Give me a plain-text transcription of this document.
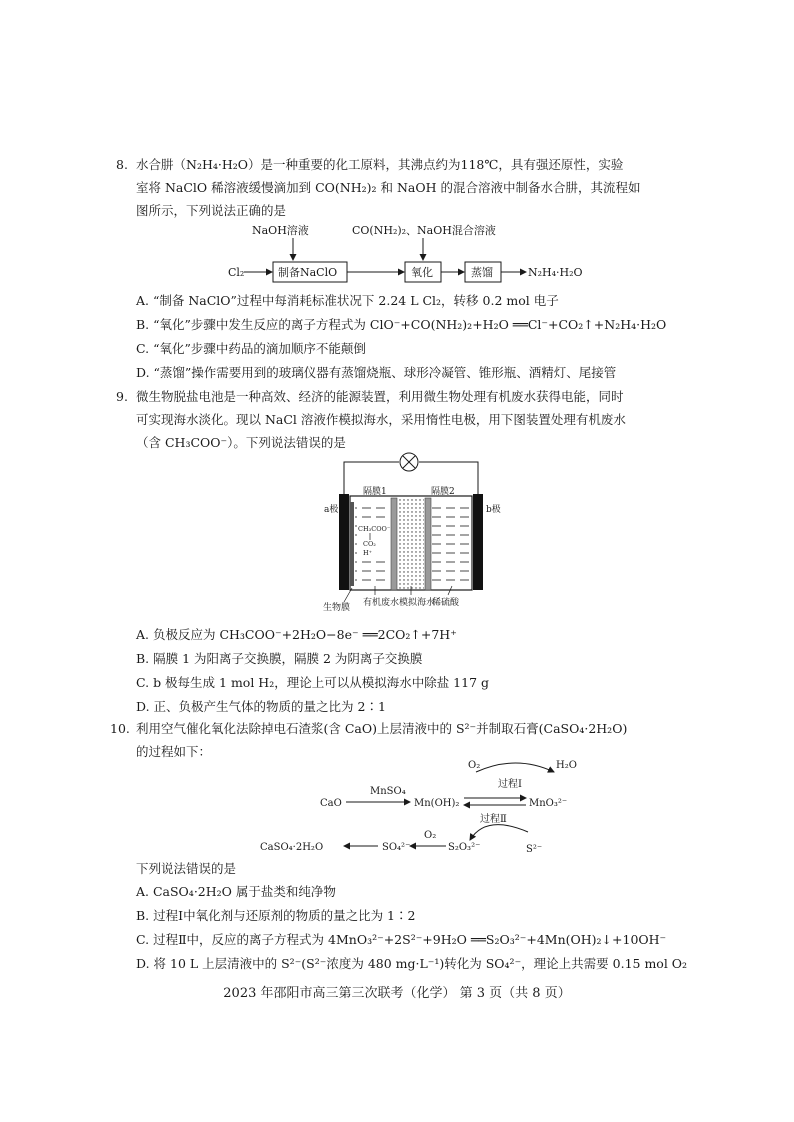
8. 水合肼（N₂H₄·H₂O）是一种重要的化工原料，其沸点约为118℃，具有强还原性，实验
室将 NaClO 稀溶液缓慢滴加到 CO(NH₂)₂ 和 NaOH 的混合溶液中制备水合肼，其流程如
图所示，下列说法正确的是
NaOH溶液	CO(NH₂)₂、NaOH混合溶液
Cl₂	制备NaClO	氧化	蒸馏	N₂H₄·H₂O
A. “制备 NaClO”过程中每消耗标准状况下 2.24 L Cl₂，转移 0.2 mol 电子
B. “氧化”步骤中发生反应的离子方程式为 ClO⁻+CO(NH₂)₂+H₂O ══Cl⁻+CO₂↑+N₂H₄·H₂O
C. “氧化”步骤中药品的滴加顺序不能颠倒
D. “蒸馏”操作需要用到的玻璃仪器有蒸馏烧瓶、球形冷凝管、锥形瓶、酒精灯、尾接管
9. 微生物脱盐电池是一种高效、经济的能源装置，利用微生物处理有机废水获得电能，同时
可实现海水淡化。现以 NaCl 溶液作模拟海水，采用惰性电极，用下图装置处理有机废水
（含 CH₃COO⁻）。下列说法错误的是
CH₃COO⁻
CO₂
H⁺
隔膜1	隔膜2
a极	b极
生物膜 有机废水 模拟海水
稀硫酸
A. 负极反应为 CH₃COO⁻+2H₂O−8e⁻ ══2CO₂↑+7H⁺
B. 隔膜 1 为阳离子交换膜，隔膜 2 为阴离子交换膜
C. b 极每生成 1 mol H₂，理论上可以从模拟海水中除盐 117 g
D. 正、负极产生气体的物质的量之比为 2∶1
10. 利用空气催化氧化法除掉电石渣浆(含 CaO)上层清液中的 S²⁻并制取石膏(CaSO₄·2H₂O)
的过程如下：
O₂	H₂O
过程Ⅰ
CaO
MnSO₄
Mn(OH)₂	MnO₃²⁻
过程Ⅱ
S²⁻
CaSO₄·2H₂O	SO₄²⁻
O₂
S₂O₃²⁻
下列说法错误的是
A. CaSO₄·2H₂O 属于盐类和纯净物
B. 过程Ⅰ中氧化剂与还原剂的物质的量之比为 1∶2
C. 过程Ⅱ中，反应的离子方程式为 4MnO₃²⁻+2S²⁻+9H₂O ══S₂O₃²⁻+4Mn(OH)₂↓+10OH⁻
D. 将 10 L 上层清液中的 S²⁻(S²⁻浓度为 480 mg·L⁻¹)转化为 SO₄²⁻，理论上共需要 0.15 mol O₂
2023 年邵阳市高三第三次联考（化学） 第 3 页（共 8 页）
